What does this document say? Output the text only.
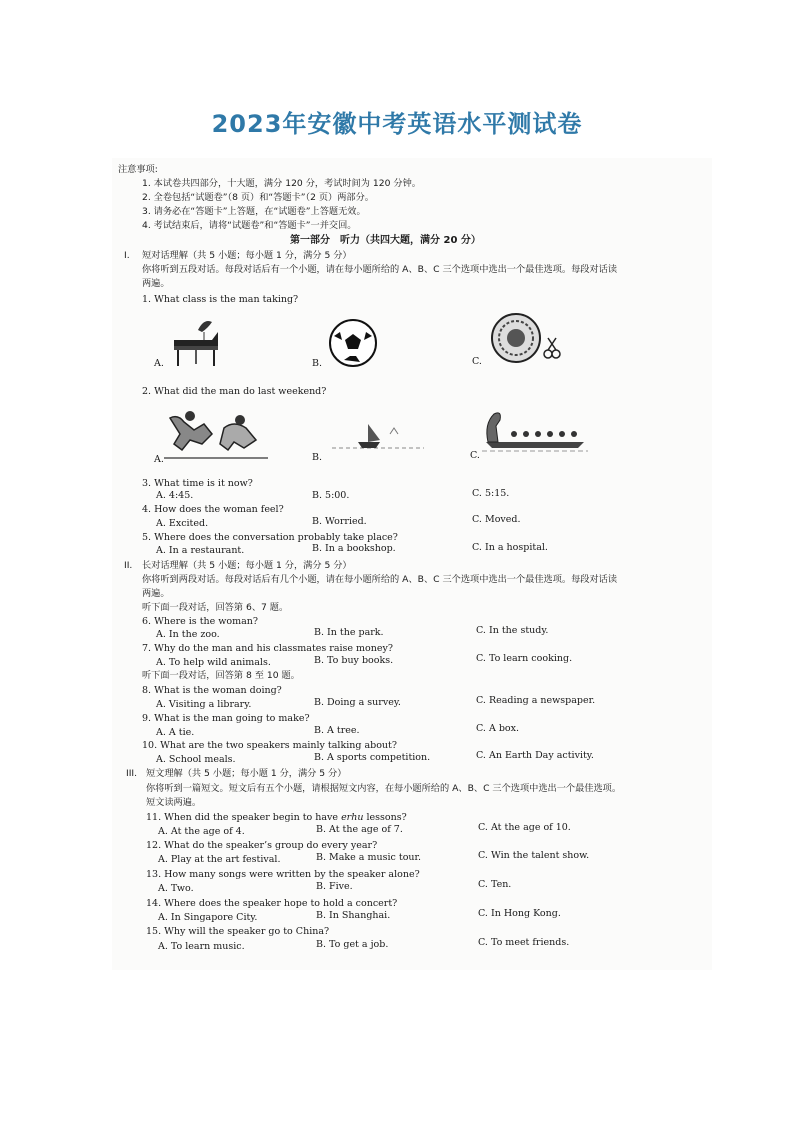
2023年安徽中考英语水平测试卷
注意事项:
1. 本试卷共四部分，十大题，满分 120 分，考试时间为 120 分钟。
2. 全卷包括“试题卷”（8 页）和“答题卡”（2 页）两部分。
3. 请务必在“答题卡”上答题，在“试题卷”上答题无效。
4. 考试结束后，请将“试题卷”和“答题卡”一并交回。
第一部分　听力（共四大题，满分 20 分）
I. 短对话理解（共 5 小题；每小题 1 分，满分 5 分）
你将听到五段对话。每段对话后有一个小题，请在每小题所给的 A、B、C 三个选项中选出一个最佳选项。每段对话读
两遍。
1. What class is the man taking?
A.	B.	C.
2. What did the man do last weekend?
A.	B.	C.
3. What time is it now?
A. 4:45.	B. 5:00.	C. 5:15.
4. How does the woman feel?
A. Excited.	B. Worried.	C. Moved.
5. Where does the conversation probably take place?
A. In a restaurant.	B. In a bookshop.	C. In a hospital.
II. 长对话理解（共 5 小题；每小题 1 分，满分 5 分）
你将听到两段对话。每段对话后有几个小题，请在每小题所给的 A、B、C 三个选项中选出一个最佳选项。每段对话读
两遍。
听下面一段对话，回答第 6、7 题。
6. Where is the woman?
A. In the zoo.	B. In the park.	C. In the study.
7. Why do the man and his classmates raise money?
A. To help wild animals.	B. To buy books.	C. To learn cooking.
听下面一段对话，回答第 8 至 10 题。
8. What is the woman doing?
A. Visiting a library.	B. Doing a survey.	C. Reading a newspaper.
9. What is the man going to make?
A. A tie.	B. A tree.	C. A box.
10. What are the two speakers mainly talking about?
A. School meals.	B. A sports competition.	C. An Earth Day activity.
III. 短文理解（共 5 小题；每小题 1 分，满分 5 分）
你将听到一篇短文。短文后有五个小题，请根据短文内容，在每小题所给的 A、B、C 三个选项中选出一个最佳选项。
短文读两遍。
11. When did the speaker begin to have erhu lessons?
A. At the age of 4.	B. At the age of 7.	C. At the age of 10.
12. What do the speaker’s group do every year?
A. Play at the art festival.	B. Make a music tour.	C. Win the talent show.
13. How many songs were written by the speaker alone?
A. Two.	B. Five.	C. Ten.
14. Where does the speaker hope to hold a concert?
A. In Singapore City.	B. In Shanghai.	C. In Hong Kong.
15. Why will the speaker go to China?
A. To learn music.	B. To get a job.	C. To meet friends.
